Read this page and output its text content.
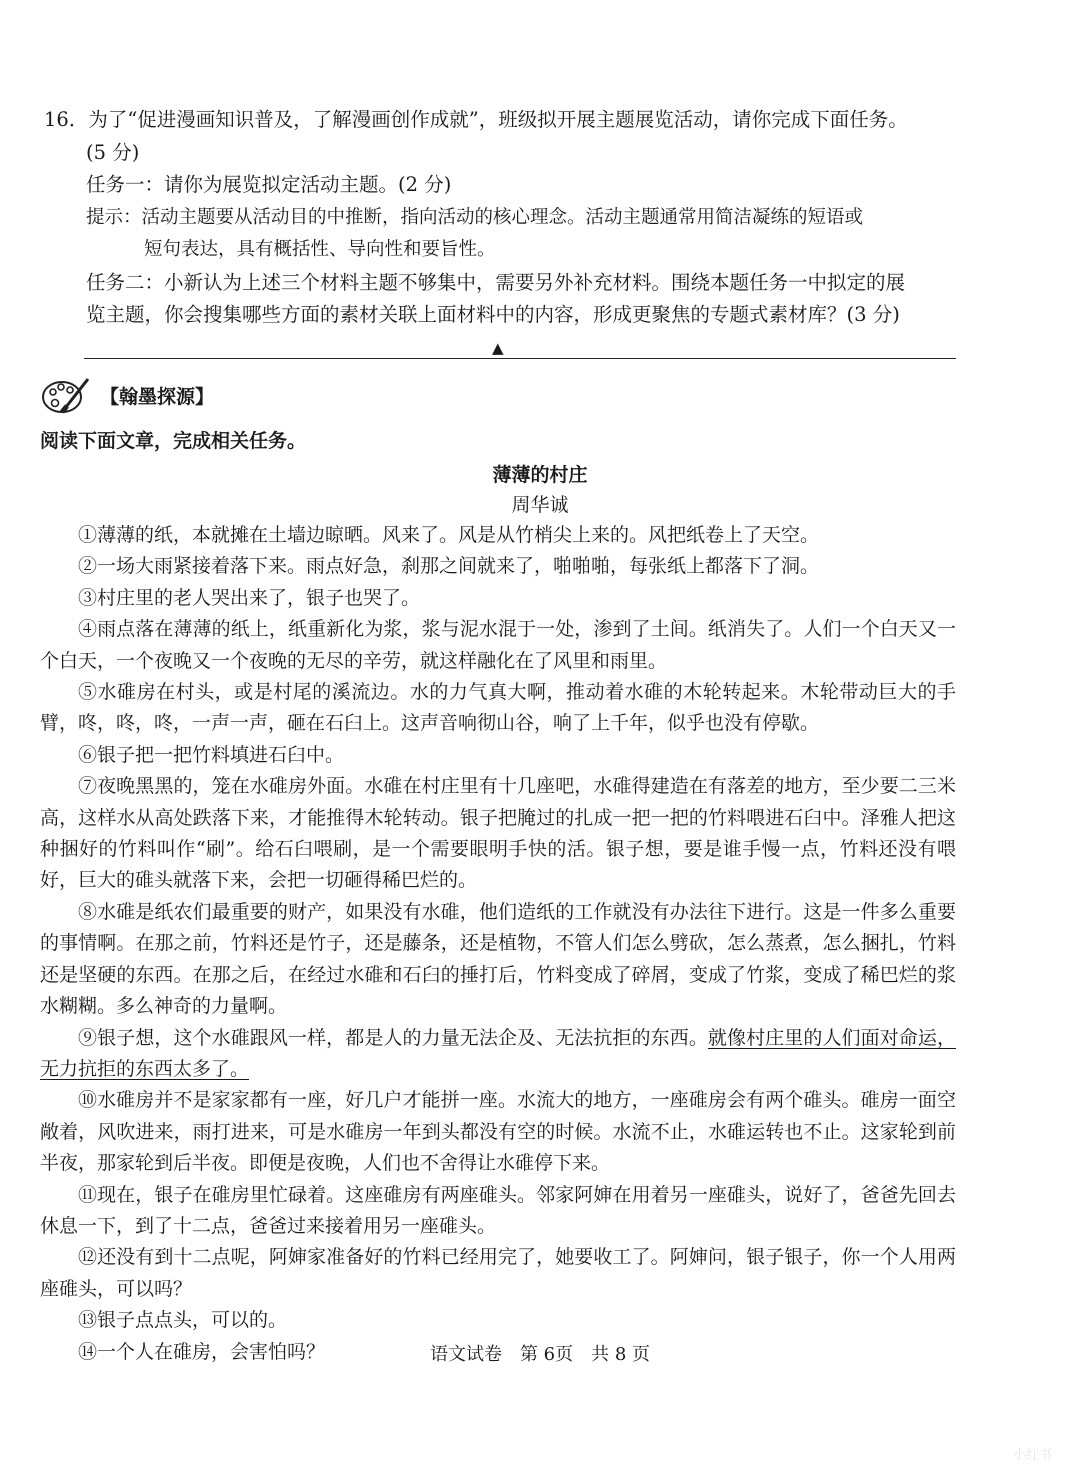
16．为了“促进漫画知识普及，了解漫画创作成就”，班级拟开展主题展览活动，请你完成下面任务。
(5 分)
任务一：请你为展览拟定活动主题。(2 分)
提示：活动主题要从活动目的中推断，指向活动的核心理念。活动主题通常用简洁凝练的短语或
短句表达，具有概括性、导向性和要旨性。
任务二：小新认为上述三个材料主题不够集中，需要另外补充材料。围绕本题任务一中拟定的展
览主题，你会搜集哪些方面的素材关联上面材料中的内容，形成更聚焦的专题式素材库？(3 分)
▲
【翰墨探源】
阅读下面文章，完成相关任务。
薄薄的村庄
周华诚

①薄薄的纸，本就摊在土墙边晾晒。风来了。风是从竹梢尖上来的。风把纸卷上了天空。

②一场大雨紧接着落下来。雨点好急，刹那之间就来了，啪啪啪，每张纸上都落下了洞。

③村庄里的老人哭出来了，银子也哭了。

④雨点落在薄薄的纸上，纸重新化为浆，浆与泥水混于一处，渗到了土间。纸消失了。人们一个白天又一个白天，一个夜晚又一个夜晚的无尽的辛劳，就这样融化在了风里和雨里。

⑤水碓房在村头，或是村尾的溪流边。水的力气真大啊，推动着水碓的木轮转起来。木轮带动巨大的手臂，咚，咚，咚，一声一声，砸在石臼上。这声音响彻山谷，响了上千年，似乎也没有停歇。

⑥银子把一把竹料填进石臼中。

⑦夜晚黑黑的，笼在水碓房外面。水碓在村庄里有十几座吧，水碓得建造在有落差的地方，至少要二三米高，这样水从高处跌落下来，才能推得木轮转动。银子把腌过的扎成一把一把的竹料喂进石臼中。泽雅人把这种捆好的竹料叫作“刷”。给石臼喂刷，是一个需要眼明手快的活。银子想，要是谁手慢一点，竹料还没有喂好，巨大的碓头就落下来，会把一切砸得稀巴烂的。

⑧水碓是纸农们最重要的财产，如果没有水碓，他们造纸的工作就没有办法往下进行。这是一件多么重要的事情啊。在那之前，竹料还是竹子，还是藤条，还是植物，不管人们怎么劈砍，怎么蒸煮，怎么捆扎，竹料还是坚硬的东西。在那之后，在经过水碓和石臼的捶打后，竹料变成了碎屑，变成了竹浆，变成了稀巴烂的浆水糊糊。多么神奇的力量啊。

⑨银子想，这个水碓跟风一样，都是人的力量无法企及、无法抗拒的东西。就像村庄里的人们面对命运，无力抗拒的东西太多了。

⑩水碓房并不是家家都有一座，好几户才能拼一座。水流大的地方，一座碓房会有两个碓头。碓房一面空敞着，风吹进来，雨打进来，可是水碓房一年到头都没有空的时候。水流不止，水碓运转也不止。这家轮到前半夜，那家轮到后半夜。即便是夜晚，人们也不舍得让水碓停下来。

⑪现在，银子在碓房里忙碌着。这座碓房有两座碓头。邻家阿婶在用着另一座碓头，说好了，爸爸先回去休息一下，到了十二点，爸爸过来接着用另一座碓头。

⑫还没有到十二点呢，阿婶家准备好的竹料已经用完了，她要收工了。阿婶问，银子银子，你一个人用两座碓头，可以吗？

⑬银子点点头，可以的。

⑭一个人在碓房，会害怕吗？	语文试卷　第 6页　共 8 页
小红书
